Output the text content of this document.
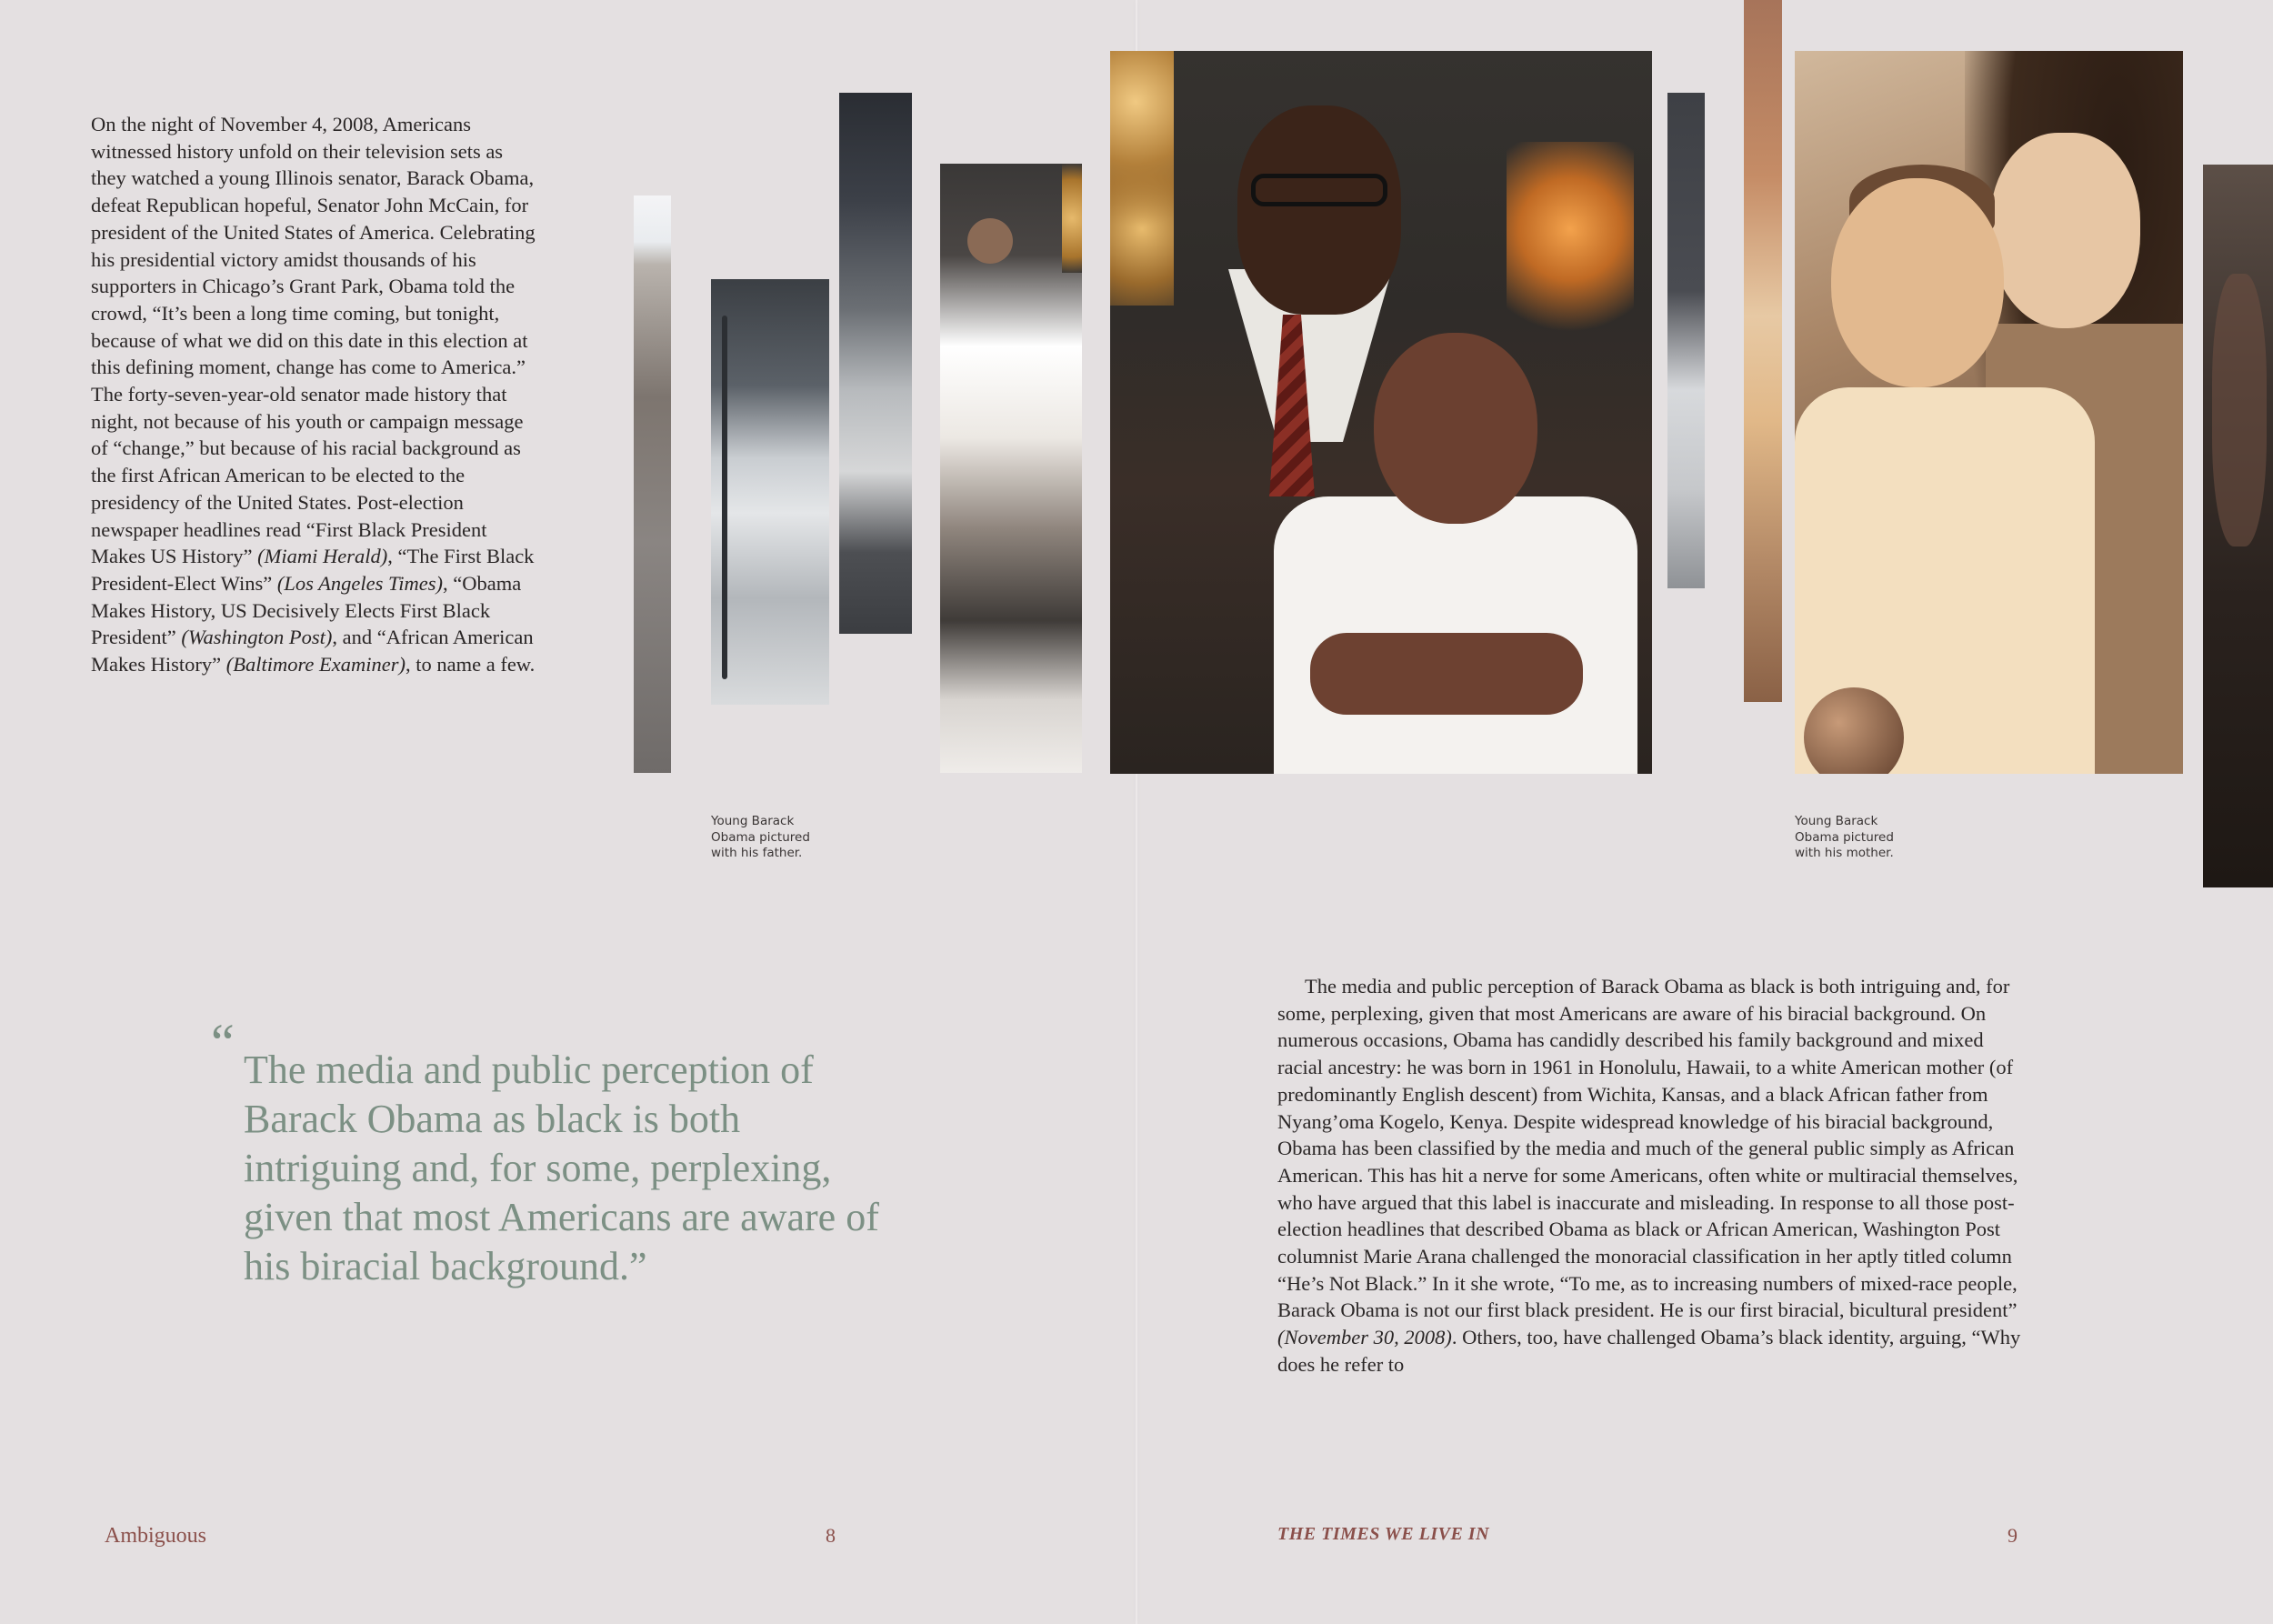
On the night of November 4, 2008, Americans witnessed history unfold on their television sets as they watched a young Illinois senator, Barack Obama, defeat Republican hopeful, Senator John McCain, for president of the United States of America. Celebrating his presidential victory amidst thousands of his supporters in Chicago’s Grant Park, Obama told the crowd, “It’s been a long time coming, but tonight, because of what we did on this date in this election at this defining moment, change has come to America.” The forty-seven-year-old senator made history that night, not because of his youth or campaign message of “change,” but because of his racial background as the first African American to be elected to the presidency of the United States. Post-election newspaper headlines read “First Black President Makes US History” (Miami Herald), “The First Black President-Elect Wins” (Los Angeles Times), “Obama Makes History, US Decisively Elects First Black President” (Washington Post), and “African American Makes History” (Baltimore Examiner), to name a few.
Young Barack Obama pictured with his father.
Young Barack Obama pictured with his mother.
“ The media and public perception of Barack Obama as black is both intriguing and, for some, perplexing, given that most Americans are aware of his biracial background.”
The media and public perception of Barack Obama as black is both intriguing and, for some, perplexing, given that most Americans are aware of his biracial background. On numerous occasions, Obama has candidly described his family background and mixed racial ancestry: he was born in 1961 in Honolulu, Hawaii, to a white American mother (of predominantly English descent) from Wichita, Kansas, and a black African father from Nyang’oma Kogelo, Kenya. Despite widespread knowledge of his biracial background, Obama has been classified by the media and much of the general public simply as African American. This has hit a nerve for some Americans, often white or multiracial themselves, who have argued that this label is inaccurate and misleading. In response to all those post-election headlines that described Obama as black or African American, Washington Post columnist Marie Arana challenged the monoracial classification in her aptly titled column “He’s Not Black.” In it she wrote, “To me, as to increasing numbers of mixed-race people, Barack Obama is not our first black president. He is our first biracial, bicultural president” (November 30, 2008). Others, too, have challenged Obama’s black identity, arguing, “Why does he refer to
Ambiguous	8	THE TIMES WE LIVE IN	9
